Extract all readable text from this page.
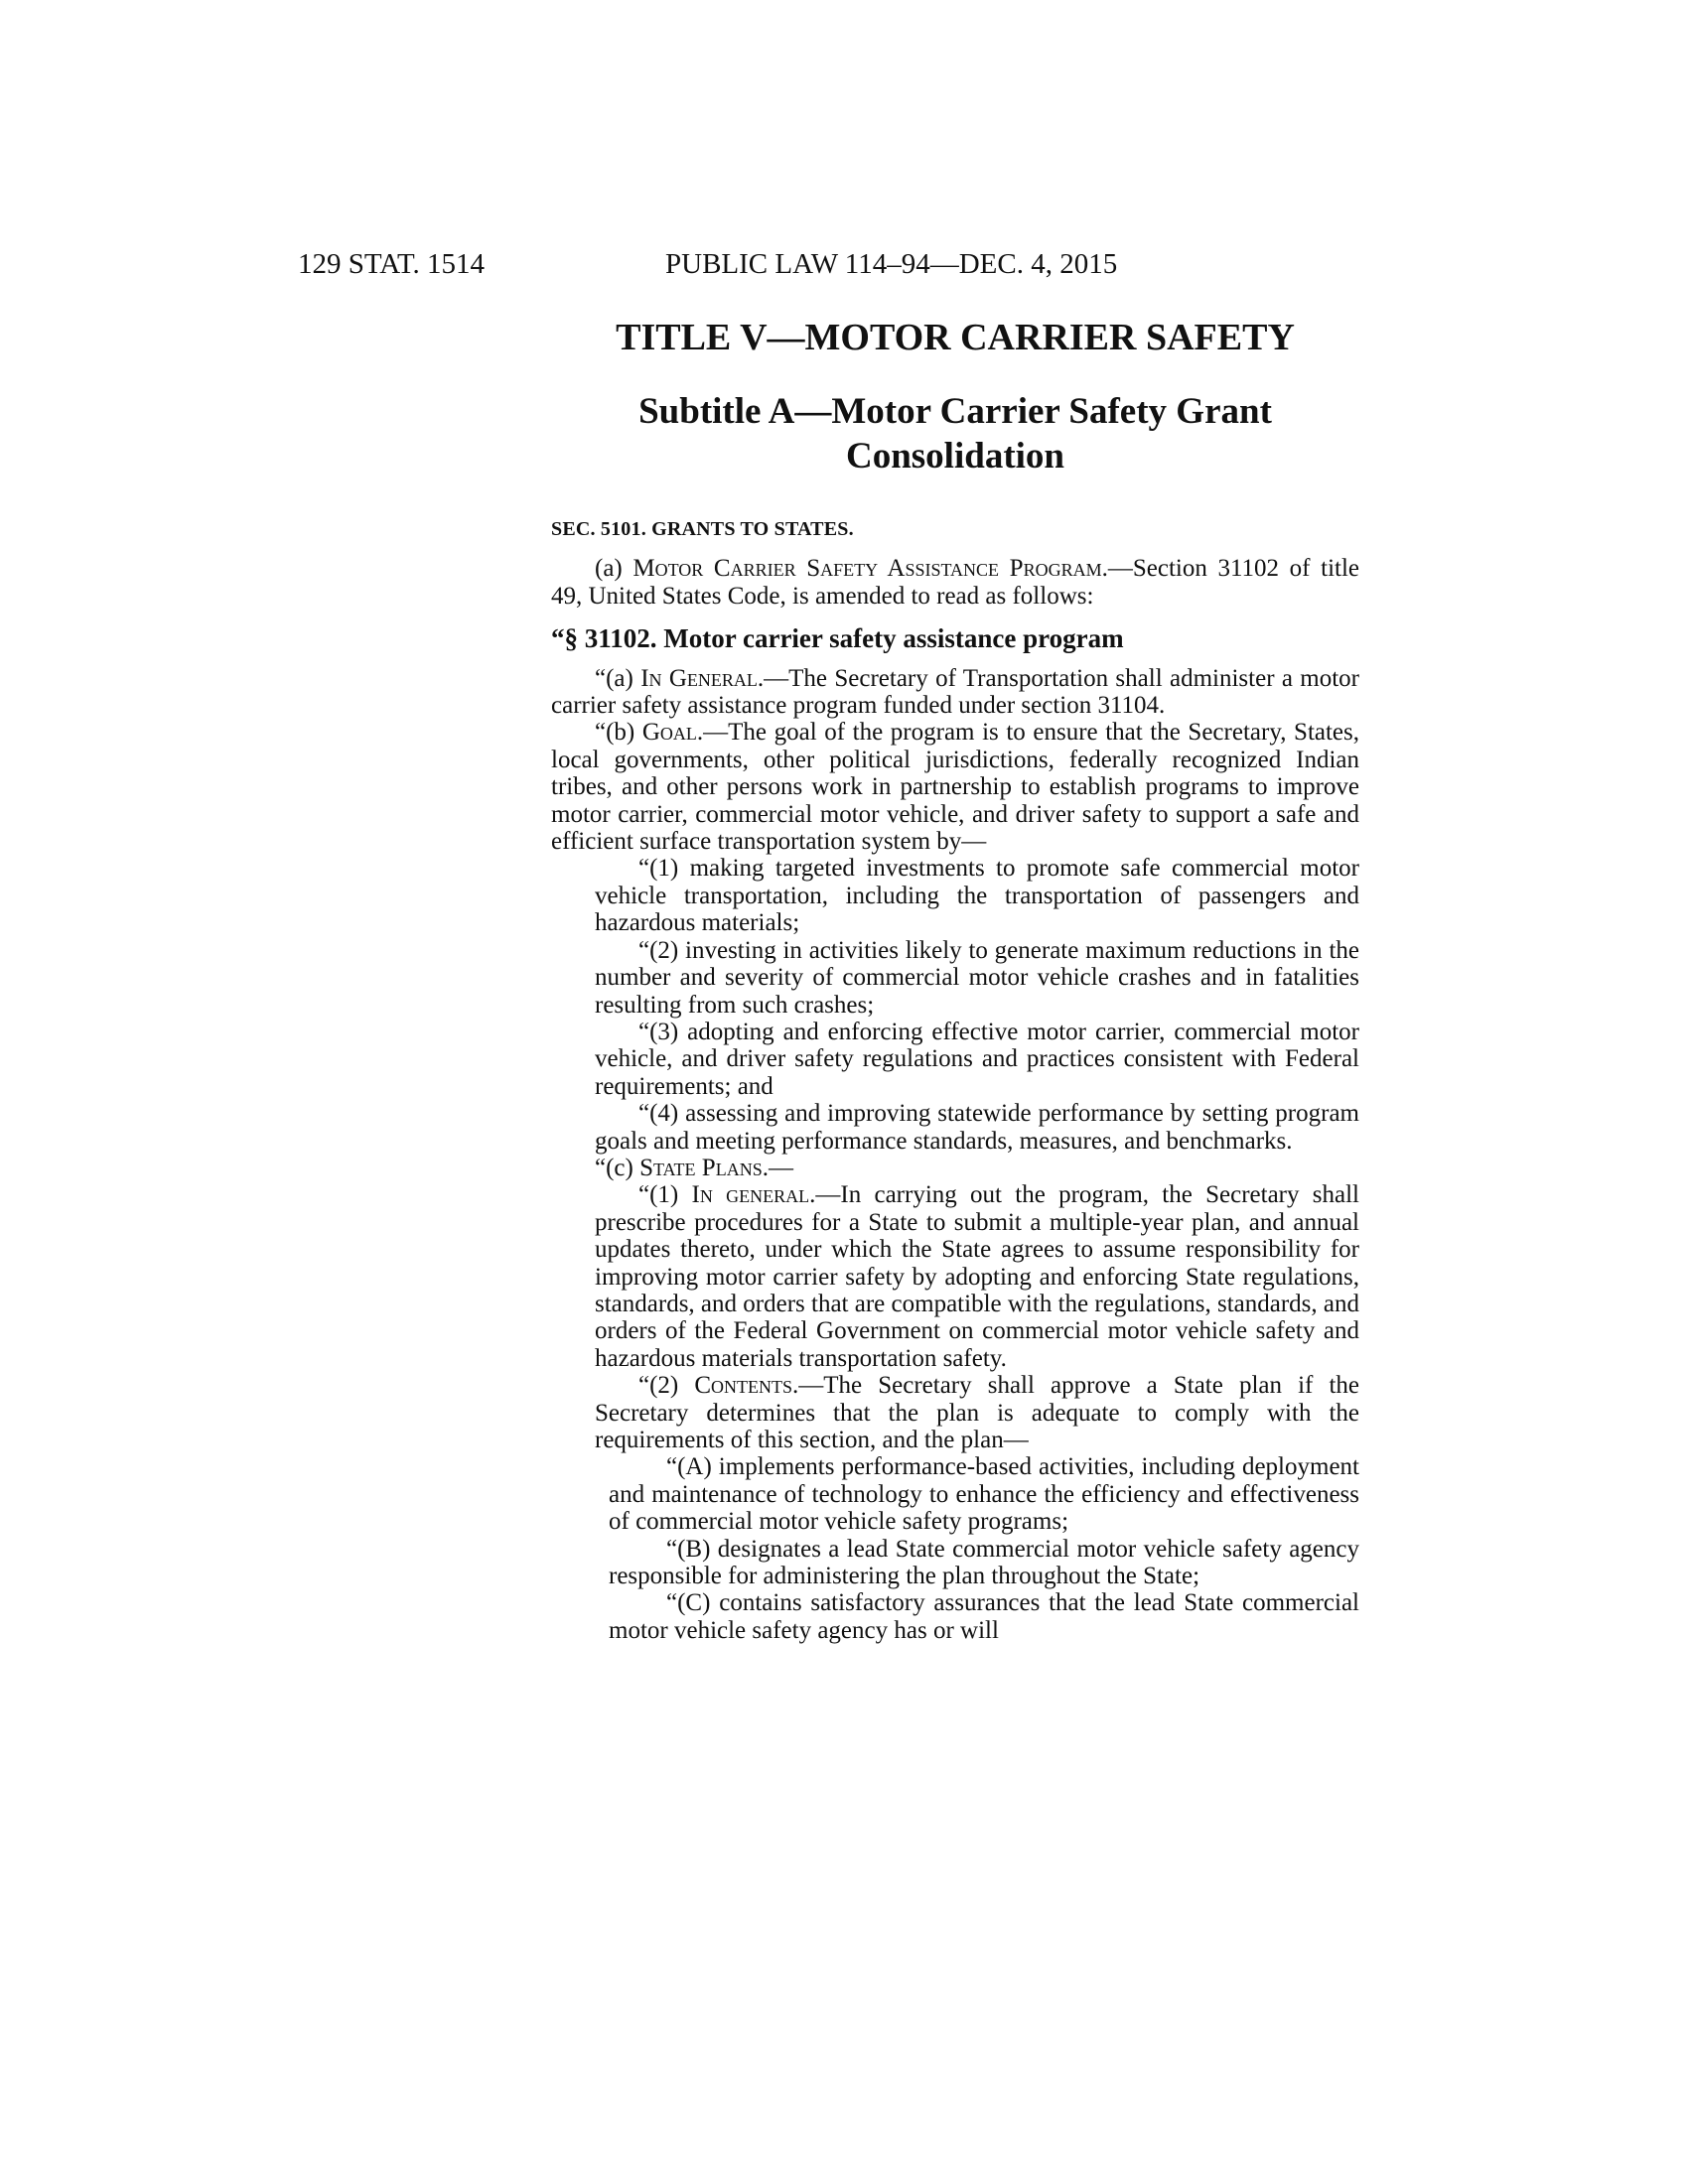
129 STAT. 1514	PUBLIC LAW 114–94—DEC. 4, 2015
TITLE V—MOTOR CARRIER SAFETY
Subtitle A—Motor Carrier Safety Grant
Consolidation

SEC. 5101. GRANTS TO STATES.

(a) Motor Carrier Safety Assistance Program.—Section 31102 of title 49, United States Code, is amended to read as follows:

“§ 31102. Motor carrier safety assistance program

“(a) In General.—The Secretary of Transportation shall administer a motor carrier safety assistance program funded under section 31104.

“(b) Goal.—The goal of the program is to ensure that the Secretary, States, local governments, other political jurisdictions, federally recognized Indian tribes, and other persons work in partnership to establish programs to improve motor carrier, commercial motor vehicle, and driver safety to support a safe and efficient surface transportation system by—

“(1) making targeted investments to promote safe commercial motor vehicle transportation, including the transportation of passengers and hazardous materials;

“(2) investing in activities likely to generate maximum reductions in the number and severity of commercial motor vehicle crashes and in fatalities resulting from such crashes;

“(3) adopting and enforcing effective motor carrier, commercial motor vehicle, and driver safety regulations and practices consistent with Federal requirements; and

“(4) assessing and improving statewide performance by setting program goals and meeting performance standards, measures, and benchmarks.

“(c) State Plans.—

“(1) In general.—In carrying out the program, the Secretary shall prescribe procedures for a State to submit a multiple-year plan, and annual updates thereto, under which the State agrees to assume responsibility for improving motor carrier safety by adopting and enforcing State regulations, standards, and orders that are compatible with the regulations, standards, and orders of the Federal Government on commercial motor vehicle safety and hazardous materials transportation safety.

“(2) Contents.—The Secretary shall approve a State plan if the Secretary determines that the plan is adequate to comply with the requirements of this section, and the plan—

“(A) implements performance-based activities, including deployment and maintenance of technology to enhance the efficiency and effectiveness of commercial motor vehicle safety programs;

“(B) designates a lead State commercial motor vehicle safety agency responsible for administering the plan throughout the State;

“(C) contains satisfactory assurances that the lead State commercial motor vehicle safety agency has or will
